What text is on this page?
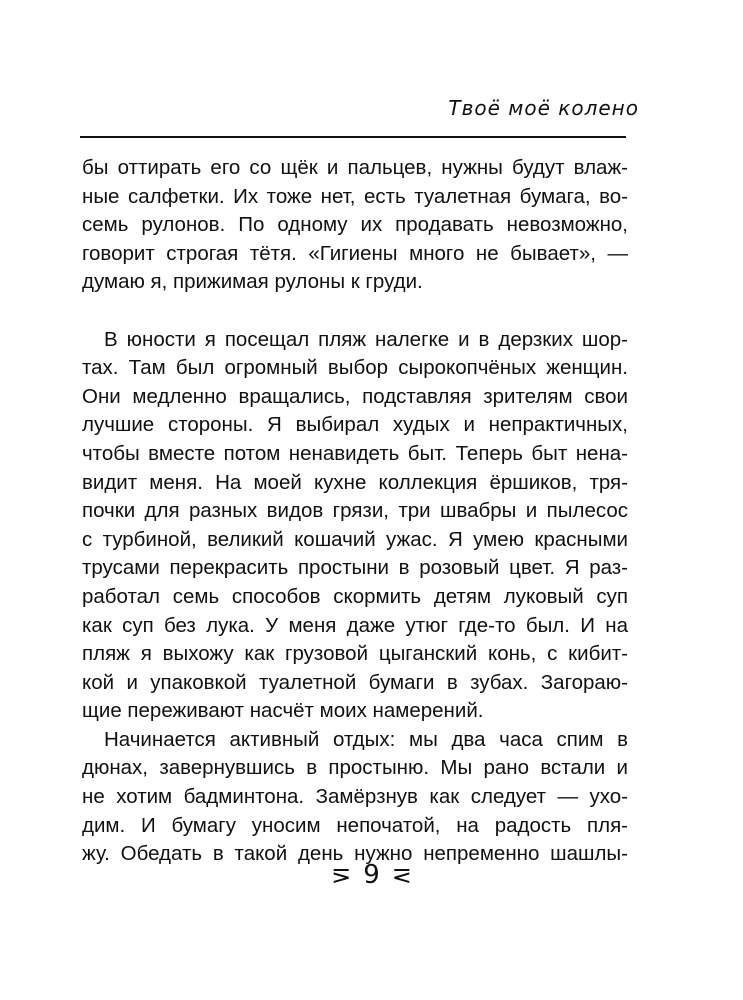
Твоё моё колено
бы оттирать его со щёк и пальцев, нужны будут влаж-
ные салфетки. Их тоже нет, есть туалетная бумага, во-
семь рулонов. По одному их продавать невозможно,
говорит строгая тётя. «Гигиены много не бывает», —
думаю я, прижимая рулоны к груди.
В юности я посещал пляж налегке и в дерзких шор-
тах. Там был огромный выбор сырокопчёных женщин.
Они медленно вращались, подставляя зрителям свои
лучшие стороны. Я выбирал худых и непрактичных,
чтобы вместе потом ненавидеть быт. Теперь быт нена-
видит меня. На моей кухне коллекция ёршиков, тря-
почки для разных видов грязи, три швабры и пылесос
с турбиной, великий кошачий ужас. Я умею красными
трусами перекрасить простыни в розовый цвет. Я раз-
работал семь способов скормить детям луковый суп
как суп без лука. У меня даже утюг где-то был. И на
пляж я выхожу как грузовой цыганский конь, с кибит-
кой и упаковкой туалетной бумаги в зубах. Загораю-
щие переживают насчёт моих намерений.
Начинается активный отдых: мы два часа спим в
дюнах, завернувшись в простыню. Мы рано встали и
не хотим бадминтона. Замёрзнув как следует — ухо-
дим. И бумагу уносим непочатой, на радость пля-
жу. Обедать в такой день нужно непременно шашлы-
⋝ 9 ⋜
